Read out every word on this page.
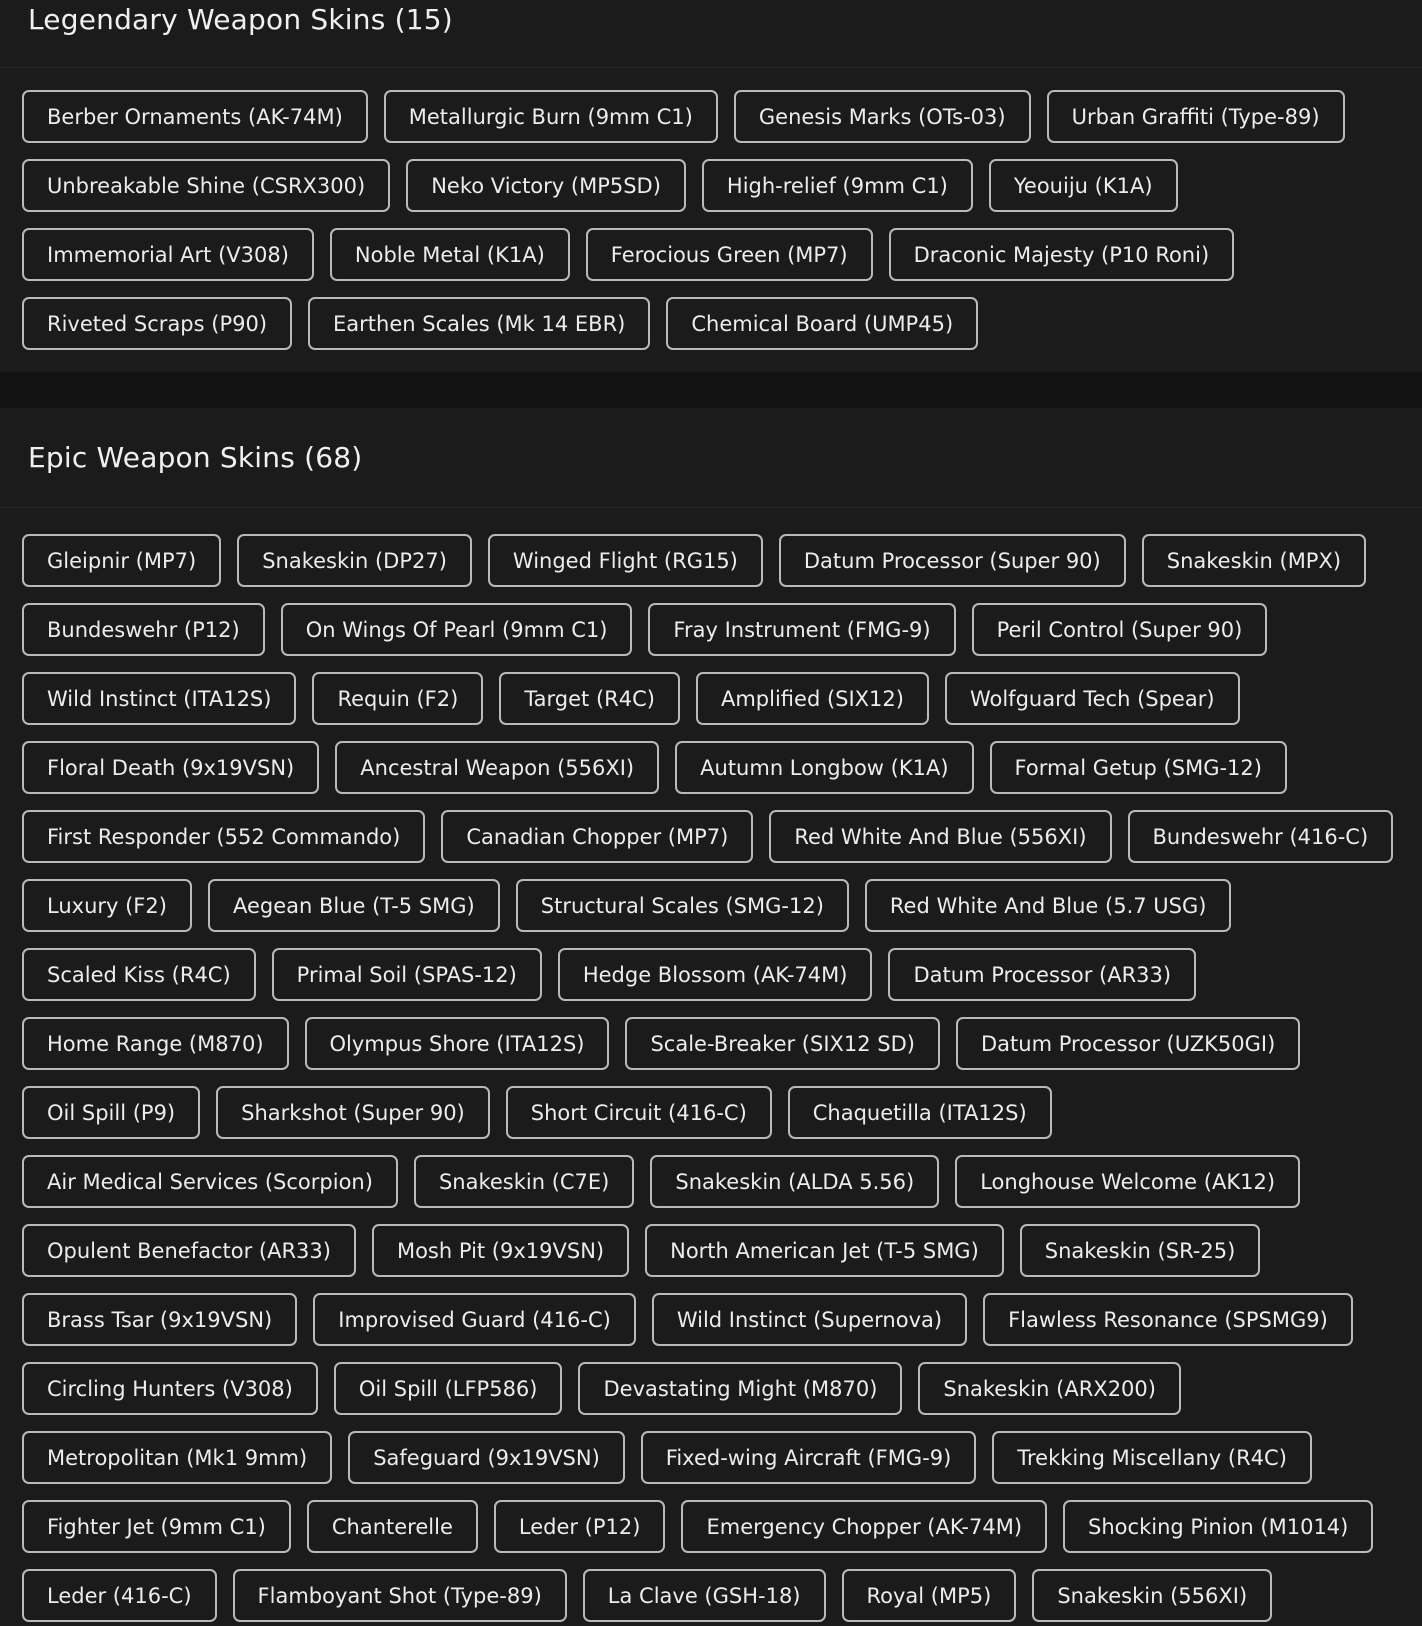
Legendary Weapon Skins (15)
Berber Ornaments (AK-74M)	Metallurgic Burn (9mm C1)	Genesis Marks (OTs-03)	Urban Graffiti (Type-89)
Unbreakable Shine (CSRX300)	Neko Victory (MP5SD)	High-relief (9mm C1)	Yeouiju (K1A)
Immemorial Art (V308)	Noble Metal (K1A)	Ferocious Green (MP7)	Draconic Majesty (P10 Roni)
Riveted Scraps (P90)	Earthen Scales (Mk 14 EBR)	Chemical Board (UMP45)
Epic Weapon Skins (68)
Gleipnir (MP7)	Snakeskin (DP27)	Winged Flight (RG15)	Datum Processor (Super 90)	Snakeskin (MPX)
Bundeswehr (P12)	On Wings Of Pearl (9mm C1)	Fray Instrument (FMG-9)	Peril Control (Super 90)
Wild Instinct (ITA12S)	Requin (F2)	Target (R4C)	Amplified (SIX12)	Wolfguard Tech (Spear)
Floral Death (9x19VSN)	Ancestral Weapon (556XI)	Autumn Longbow (K1A)	Formal Getup (SMG-12)
First Responder (552 Commando)	Canadian Chopper (MP7)	Red White And Blue (556XI)	Bundeswehr (416-C)
Luxury (F2)	Aegean Blue (T-5 SMG)	Structural Scales (SMG-12)	Red White And Blue (5.7 USG)
Scaled Kiss (R4C)	Primal Soil (SPAS-12)	Hedge Blossom (AK-74M)	Datum Processor (AR33)
Home Range (M870)	Olympus Shore (ITA12S)	Scale-Breaker (SIX12 SD)	Datum Processor (UZK50GI)
Oil Spill (P9)	Sharkshot (Super 90)	Short Circuit (416-C)	Chaquetilla (ITA12S)
Air Medical Services (Scorpion)	Snakeskin (C7E)	Snakeskin (ALDA 5.56)	Longhouse Welcome (AK12)
Opulent Benefactor (AR33)	Mosh Pit (9x19VSN)	North American Jet (T-5 SMG)	Snakeskin (SR-25)
Brass Tsar (9x19VSN)	Improvised Guard (416-C)	Wild Instinct (Supernova)	Flawless Resonance (SPSMG9)
Circling Hunters (V308)	Oil Spill (LFP586)	Devastating Might (M870)	Snakeskin (ARX200)
Metropolitan (Mk1 9mm)	Safeguard (9x19VSN)	Fixed-wing Aircraft (FMG-9)	Trekking Miscellany (R4C)
Fighter Jet (9mm C1)	Chanterelle	Leder (P12)	Emergency Chopper (AK-74M)	Shocking Pinion (M1014)
Leder (416-C)	Flamboyant Shot (Type-89)	La Clave (GSH-18)	Royal (MP5)	Snakeskin (556XI)
